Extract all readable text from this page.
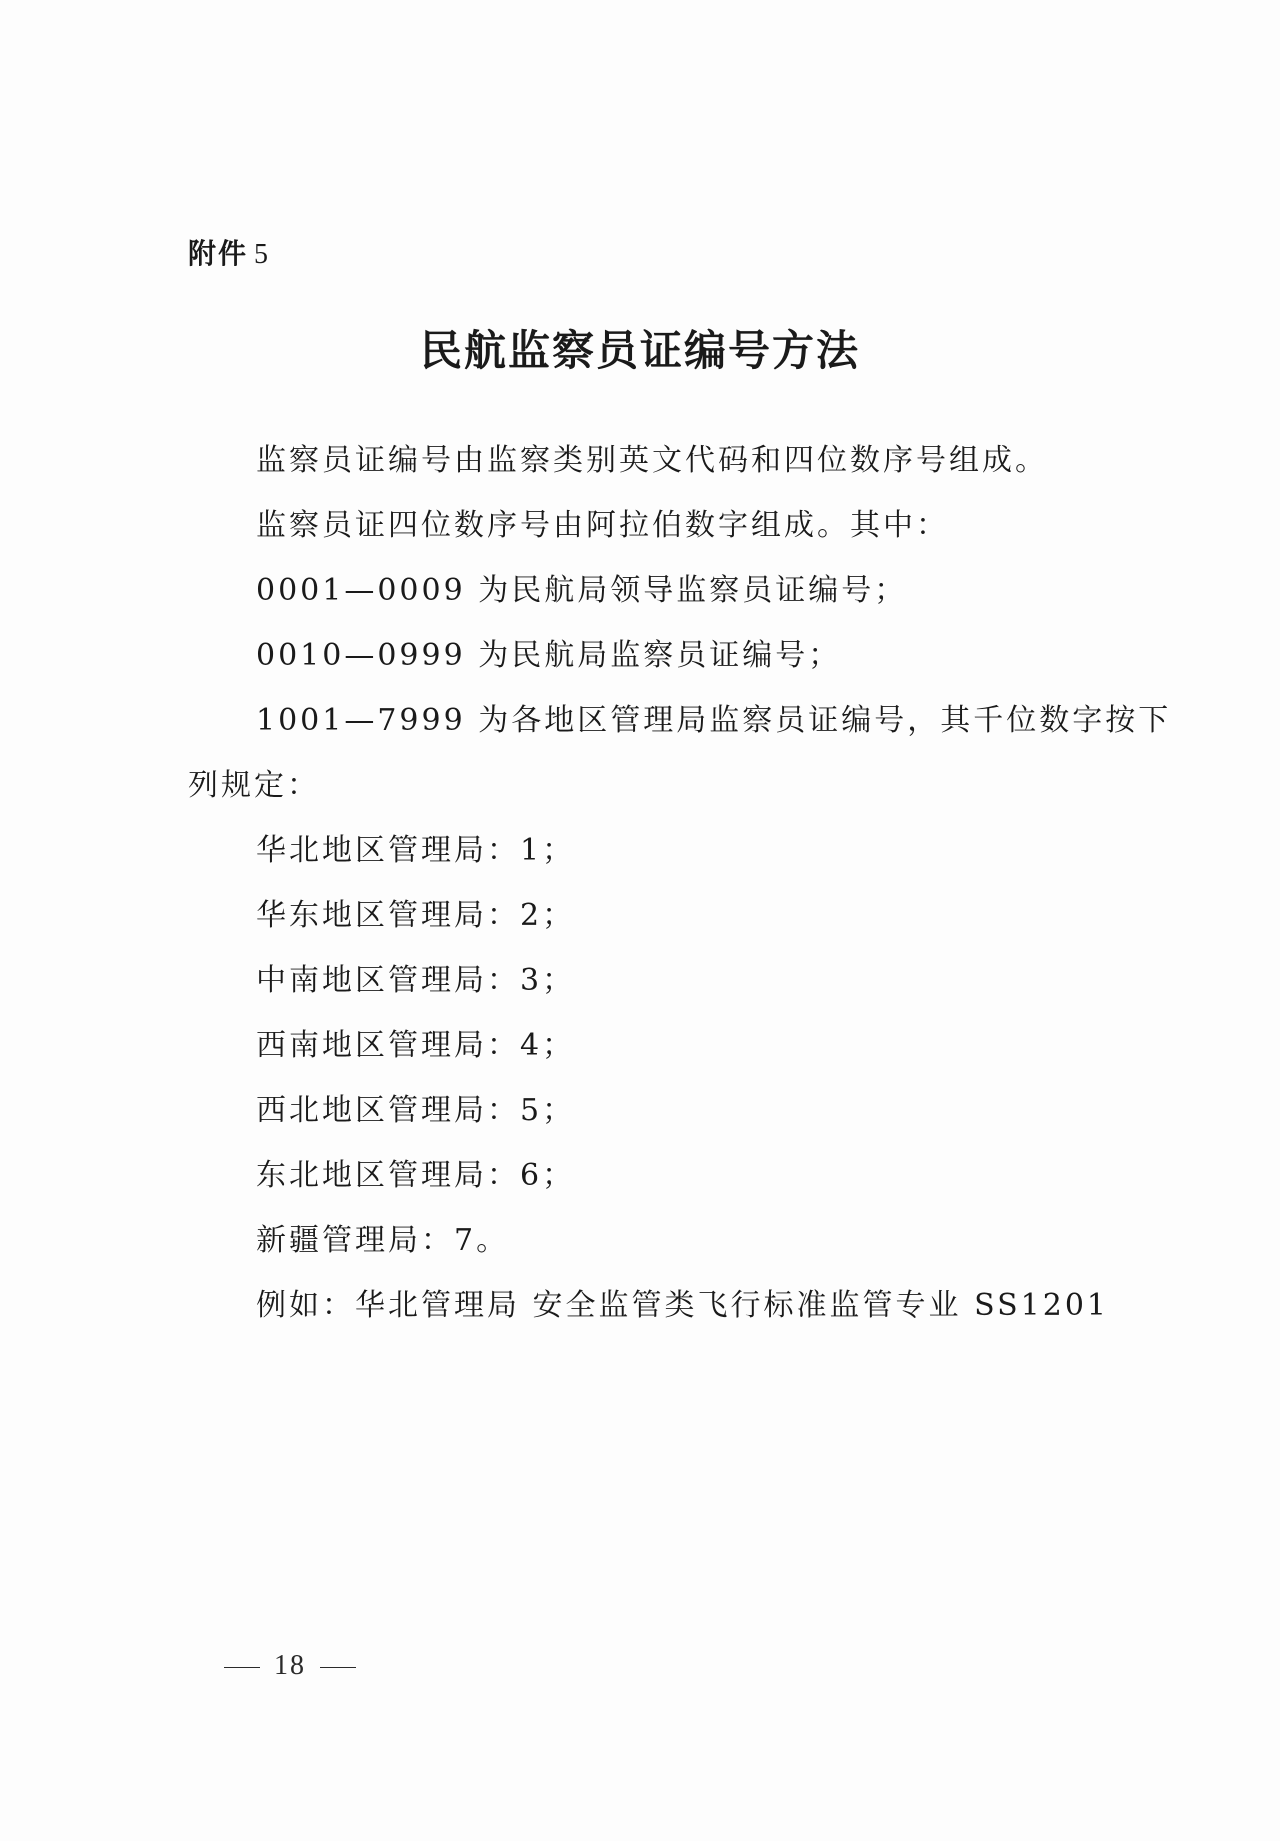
附件 5
民航监察员证编号方法

监察员证编号由监察类别英文代码和四位数序号组成。

监察员证四位数序号由阿拉伯数字组成。其中：

0001—0009 为民航局领导监察员证编号；

0010—0999 为民航局监察员证编号；

1001—7999 为各地区管理局监察员证编号，其千位数字按下

列规定：

华北地区管理局：1；

华东地区管理局：2；

中南地区管理局：3；

西南地区管理局：4；

西北地区管理局：5；

东北地区管理局：6；

新疆管理局：7。

例如：华北管理局 安全监管类飞行标准监管专业 SS1201

18
